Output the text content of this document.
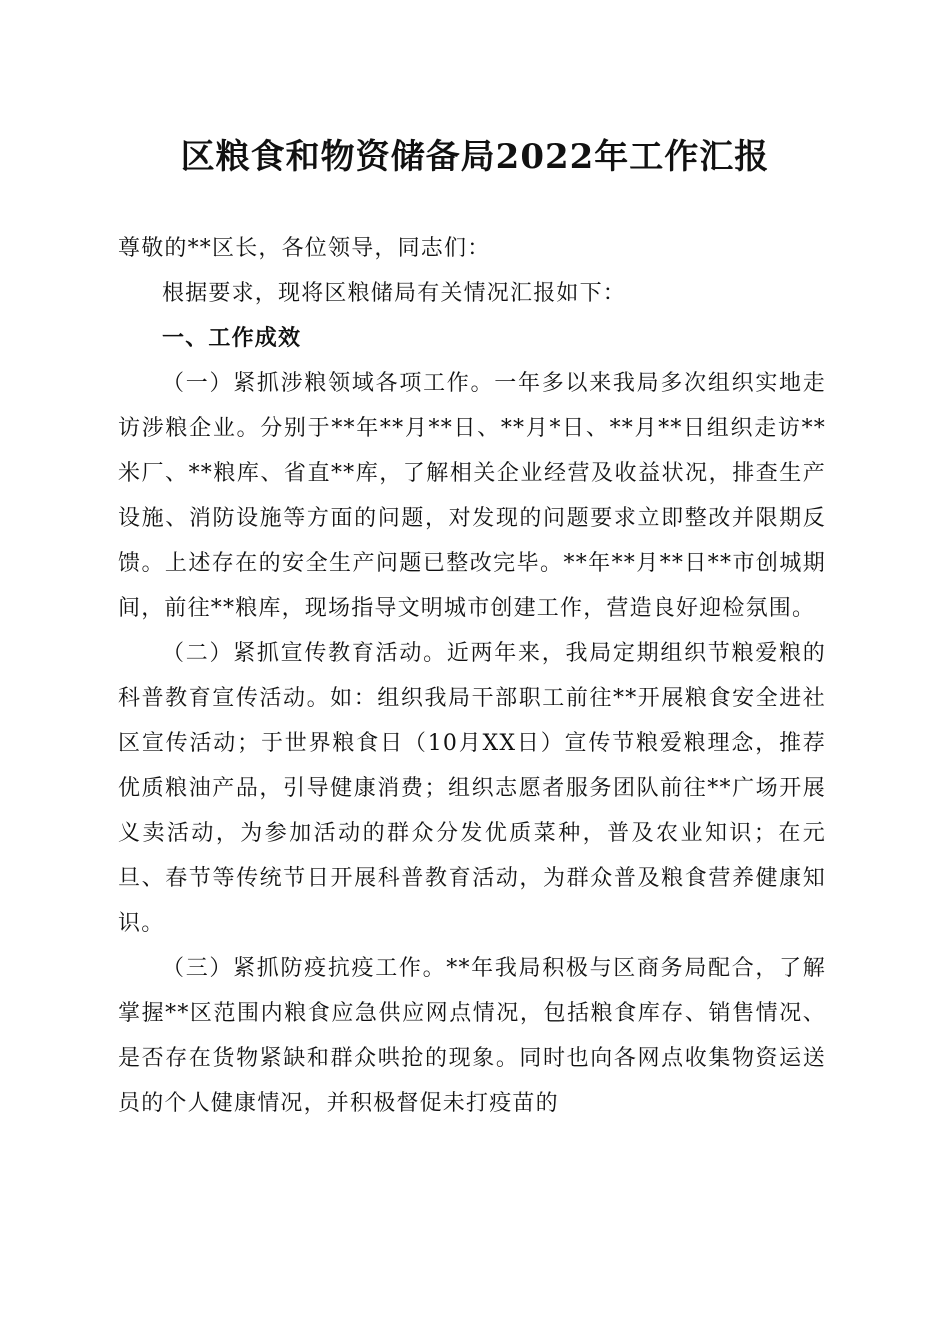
区粮食和物资储备局2022年工作汇报

尊敬的**区长，各位领导，同志们：

根据要求，现将区粮储局有关情况汇报如下：

一、工作成效

（一）紧抓涉粮领域各项工作。一年多以来我局多次组织实地走访涉粮企业。分别于**年**月**日、**月*日、**月**日组织走访**米厂、**粮库、省直**库，了解相关企业经营及收益状况，排查生产设施、消防设施等方面的问题，对发现的问题要求立即整改并限期反馈。上述存在的安全生产问题已整改完毕。**年**月**日**市创城期间，前往**粮库，现场指导文明城市创建工作，营造良好迎检氛围。

（二）紧抓宣传教育活动。近两年来，我局定期组织节粮爱粮的科普教育宣传活动。如：组织我局干部职工前往**开展粮食安全进社区宣传活动；于世界粮食日（10月XX日）宣传节粮爱粮理念，推荐优质粮油产品，引导健康消费；组织志愿者服务团队前往**广场开展义卖活动，为参加活动的群众分发优质菜种，普及农业知识；在元旦、春节等传统节日开展科普教育活动，为群众普及粮食营养健康知识。

（三）紧抓防疫抗疫工作。**年我局积极与区商务局配合，了解掌握**区范围内粮食应急供应网点情况，包括粮食库存、销售情况、是否存在货物紧缺和群众哄抢的现象。同时也向各网点收集物资运送员的个人健康情况，并积极督促未打疫苗的
